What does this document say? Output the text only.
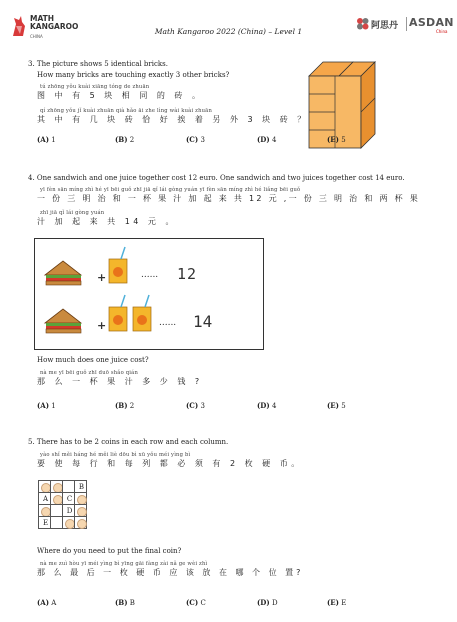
MATH
KANGAROO
CHINA
Math Kangaroo 2022 (China) – Level 1
阿思丹 ASDAN
China
3. The picture shows 5 identical bricks.
How many bricks are touching exactly 3 other bricks?
tú zhōng yǒu kuài xiāng tóng de zhuān
图 中 有 5 块 相 同 的 砖 。
qí zhōng yǒu jǐ kuài zhuān qià hǎo āi zhe lìng wài kuài zhuān
其 中 有 几 块 砖 恰 好 挨 着 另 外 3 块 砖 ？
(A) 1	(B) 2	(C) 3	(D) 4	(E) 5
4. One sandwich and one juice together cost 12 euro. One sandwich and two juices together cost 14 euro.
yī fèn sān míng zhì hé yī bēi guǒ zhī jiā qǐ lái gòng yuán yī fèn sān míng zhì hé liǎng bēi guǒ
一 份 三 明 治 和 一 杯 果 汁 加 起 来 共 12 元 ,一 份 三 明 治 和 两 杯 果
zhī jiā qǐ lái gòng yuán
汁 加 起 来 共 14 元 。
+	...... 12
+	...... 14
How much does one juice cost?
nà me yī bēi guǒ zhī duō shǎo qián
那 么 一 杯 果 汁 多 少 钱 ?
(A) 1	(B) 2	(C) 3	(D) 4	(E) 5
5. There has to be 2 coins in each row and each column.
yào shǐ měi háng hé měi liè dōu bì xū yǒu méi yìng bì
要 使 每 行 和 每 列 都 必 须 有 2 枚 硬 币。
B
A	C
D
E
Where do you need to put the final coin?
nà me zuì hòu yī méi yìng bì yīng gāi fàng zài nǎ ge wèi zhì
那 么 最 后 一 枚 硬 币 应 该 放 在 哪 个 位 置?
(A) A	(B) B	(C) C	(D) D	(E) E
